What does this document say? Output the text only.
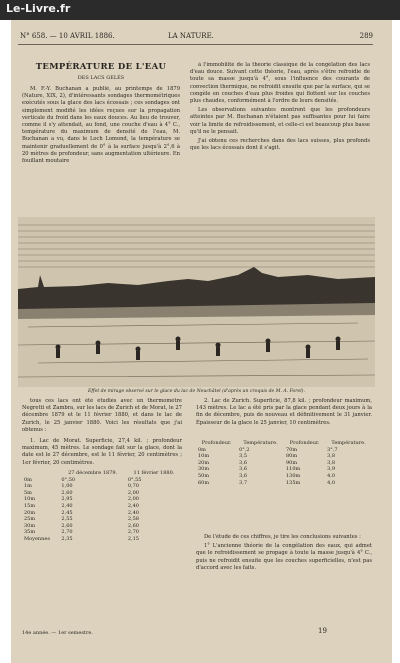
Le-Livre.fr
N° 658. — 10 AVRIL 1886.	LA NATURE.	289
TEMPÉRATURE DE L'EAU
DES LACS GELÉS

M. F.-Y. Buchanan a publié, au printemps de 1879 (Nature, XIX, 2), d'intéressants sondages thermométriques exécutés sous la glace des lacs écossais ; ces sondages ont simplement modifié les idées reçues sur la propagation verticale du froid dans les eaux douces. Au lieu de trouver, comme il s'y attendait, au fond, une couche d'eau à 4° C., température du maximum de densité de l'eau, M. Buchanan a vu, dans le Loch Lomond, la température se maintenir graduellement de 0° à la surface jusqu'à 2°,6 à 20 mètres de profondeur, sans augmentation ultérieure. En fouillant moutaire

à l'immobilité de la théorie classique de la congélation des lacs d'eau douce. Suivant cette théorie, l'eau, après s'être refroidie de toute sa masse jusqu'à 4°, sous l'influence des courants de convection thermique, ne refroidit ensuite que par la surface, qui se congèle en couches d'eau plus froides qui flottent sur les couches plus chaudes, conformément à l'ordre de leurs densités.

Les observations suivantes montrent que les profondeurs atteintes par M. Buchanan n'étaient pas suffisantes pour lui faire voir la limite de refroidissement, et celle-ci est beaucoup plus basse qu'il ne le pensait.

J'ai obtenu ces recherches dans des lacs suisses, plus profonds que les lacs écossais dont il s'agit.

Effet de mirage observé sur le glace du lac de Neuchâtel (d'après un croquis de M. A. Forel).

tous ces lacs ont été étudiés avec un thermomètre Negretti et Zambra, sur les lacs de Zurich et de Morat, le 27 décembre 1879 et le 11 février 1880, et dans le lac de Zurich, le 25 janvier 1880. Voici les résultats que j'ai obtenus :

1. Lac de Morat. Superficie, 27,4 kil. ; profondeur maximum, 45 mètres. Le sondage fait sur la glace, dont la date est le 27 décembre, est le 11 février, 20 centimètres ; 1er février, 20 centimètres.

	27 décembre 1879.	11 février 1880.
0m	0°,50	0°,55
1m	1,00	0,70
5m	2,60	2,00
10m	2,95	2,00
15m	2,40	2,40
20m	2,45	2,40
25m	2,55	2,58
30m	2,60	2,60
35m	2,70	2,70
Moyennes	2,35	2,15

2. Lac de Zurich. Superficie, 87,8 kil. ; profondeur maximum, 143 mètres. Le lac a été pris par la glace pendant deux jours à la fin de décembre, puis de nouveau et définitivement le 31 janvier. Épaisseur de la glace le 25 janvier, 10 centimètres.

Profondeur.	Température.	Profondeur.	Température.
0m	0°,2	70m	3°,7
10m	3,5	80m	3,8
20m	3,6	90m	3,8
30m	3,6	110m	3,9
50m	3,6	130m	4,0
60m	3,7	135m	4,0

De l'étude de ces chiffres, je tire les conclusions suivantes :

1° L'ancienne théorie de la congélation des eaux, qui admet que le refroidissement se propage à toute la masse jusqu'à 4° C., puis ne refroidit ensuite que les couches superficielles, n'est pas d'accord avec les faits.

14e année. — 1er semestre.	19
